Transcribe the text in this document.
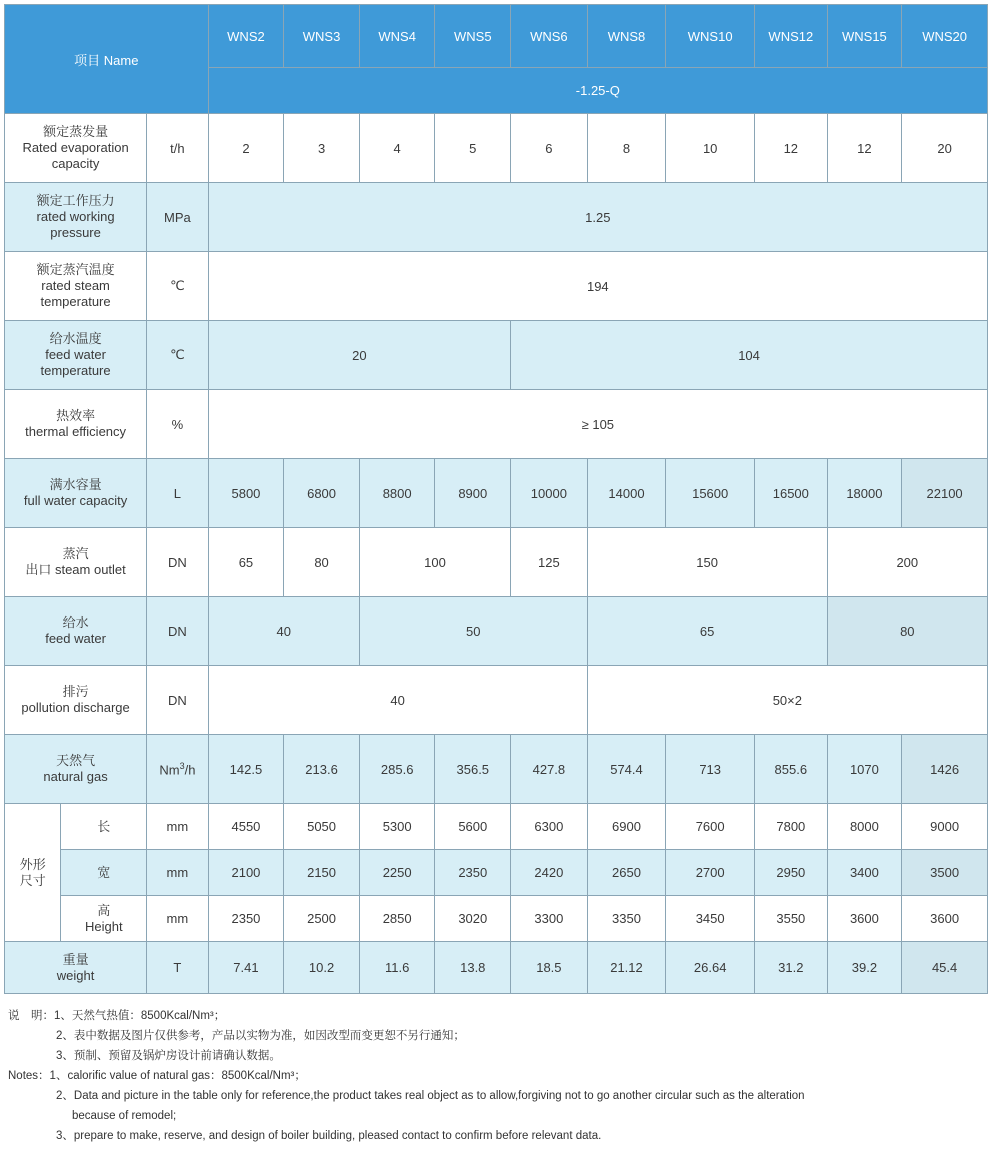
项目 Name			WNS2	WNS3	WNS4	WNS5	WNS6	WNS8	WNS10	WNS12	WNS15	WNS20
			-1.25-Q									

额定蒸发量
Rated evaporation capacity		t/h	2	3	4	5	6	8	10	12	12	20

额定工作压力
rated working pressure		MPa	1.25									

额定蒸汽温度
rated steam temperature		℃	194									

给水温度
feed water temperature		℃	20				104					

热效率
thermal efficiency		%	≥ 105									

满水容量
full water capacity		L	5800	6800	8800	8900	10000	14000	15600	16500	18000	22100

蒸汽
出口 steam outlet		DN	65	80	100		125	150			200	

给水
feed water		DN	40		50			65			80	

排污
pollution discharge		DN	40					50×2				

天然气
natural gas		Nm$^3$/h	142.5	213.6	285.6	356.5	427.8	574.4	713	855.6	1070	1426

外形尺寸	长	mm	4550	5050	5300	5600	6300	6900	7600	7800	8000	9000
	宽	mm	2100	2150	2250	2350	2420	2650	2700	2950	3400	3500

	高
Height	mm	2350	2500	2850	3020	3300	3350	3450	3550	3600	3600

重量
weight		T	7.41	10.2	11.6	13.8	18.5	21.12	26.64	31.2	39.2	45.4
说　明：1、天然气热值：8500Kcal/Nm³；
2、表中数据及图片仅供参考，产品以实物为准，如因改型而变更恕不另行通知；
3、预制、预留及锅炉房设计前请确认数据。
Notes：1、calorific value of natural gas：8500Kcal/Nm³；
2、Data and picture in the table only for reference,the product takes real object as to allow,forgiving not to go another circular such as the alteration
because of remodel;
3、prepare to make, reserve, and design of boiler building, pleased contact to confirm before relevant data.
